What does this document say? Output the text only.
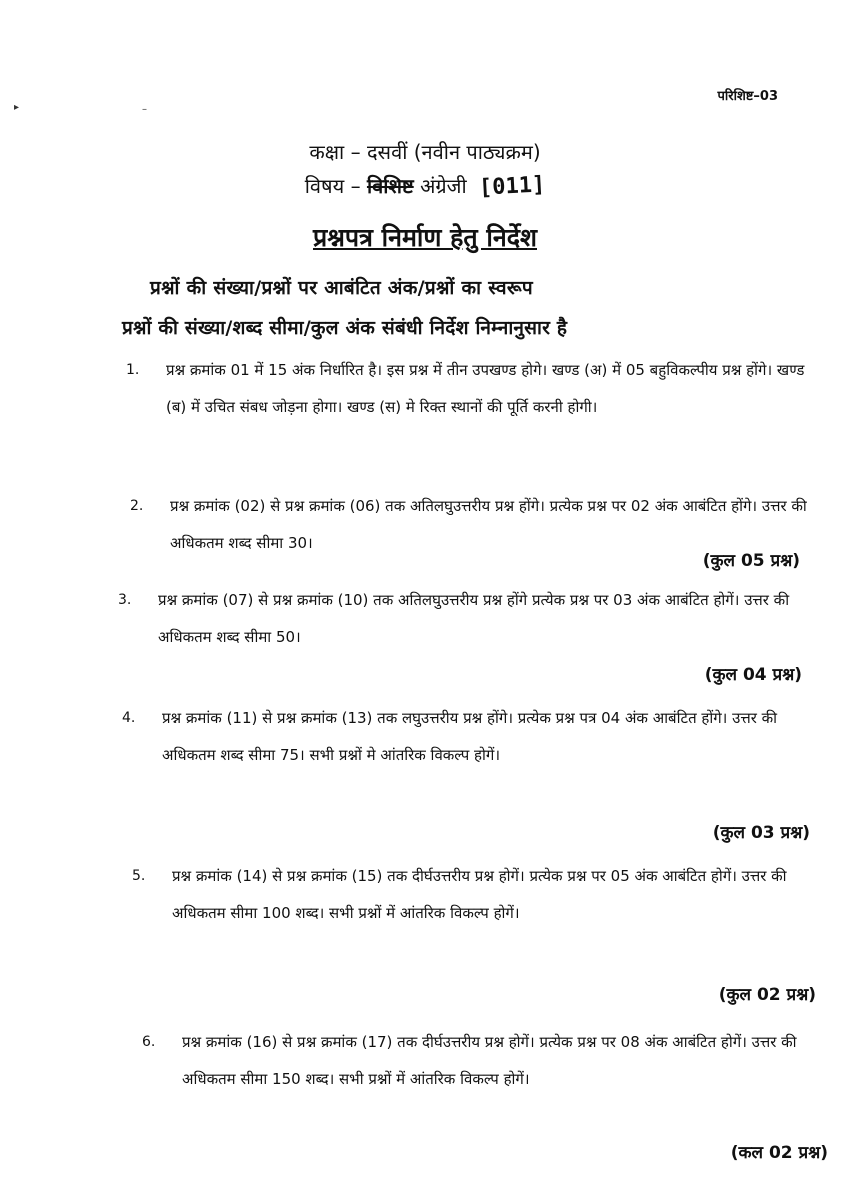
परिशिष्ट–03
▸	–
कक्षा – दसवीं (नवीन पाठ्यक्रम)
विषय – विशिष्ट अंग्रेजी [011]
प्रश्नपत्र निर्माण हेतु निर्देश
प्रश्नों की संख्या/प्रश्नों पर आबंटित अंक/प्रश्नों का स्वरूप
प्रश्नों की संख्या/शब्द सीमा/कुल अंक संबंधी निर्देश निम्नानुसार है
1. प्रश्न क्रमांक 01 में 15 अंक निर्धारित है। इस प्रश्न में तीन उपखण्ड होगे। खण्ड (अ) में 05 बहुविकल्पीय प्रश्न होंगे। खण्ड (ब) में उचित संबध जोड़ना होगा। खण्ड (स) मे रिक्त स्थानों की पूर्ति करनी होगी।
2. प्रश्न क्रमांक (02) से प्रश्न क्रमांक (06) तक अतिलघुउत्तरीय प्रश्न होंगे। प्रत्येक प्रश्न पर 02 अंक आबंटित होंगे। उत्तर की अधिकतम शब्द सीमा 30।
(कुल 05 प्रश्न)
3. प्रश्न क्रमांक (07) से प्रश्न क्रमांक (10) तक अतिलघुउत्तरीय प्रश्न होंगे प्रत्येक प्रश्न पर 03 अंक आबंटित होगें। उत्तर की अधिकतम शब्द सीमा 50।
(कुल 04 प्रश्न)
4. प्रश्न क्रमांक (11) से प्रश्न क्रमांक (13) तक लघुउत्तरीय प्रश्न होंगे। प्रत्येक प्रश्न पत्र 04 अंक आबंटित होंगे। उत्तर की अधिकतम शब्द सीमा 75। सभी प्रश्नों मे आंतरिक विकल्प होगें।
(कुल 03 प्रश्न)
5. प्रश्न क्रमांक (14) से प्रश्न क्रमांक (15) तक दीर्घउत्तरीय प्रश्न होगें। प्रत्येक प्रश्न पर 05 अंक आबंटित होगें। उत्तर की अधिकतम सीमा 100 शब्द। सभी प्रश्नों में आंतरिक विकल्प होगें।
(कुल 02 प्रश्न)
6. प्रश्न क्रमांक (16) से प्रश्न क्रमांक (17) तक दीर्घउत्तरीय प्रश्न होगें। प्रत्येक प्रश्न पर 08 अंक आबंटित होगें। उत्तर की अधिकतम सीमा 150 शब्द। सभी प्रश्नों में आंतरिक विकल्प होगें।
(कल 02 प्रश्न)
